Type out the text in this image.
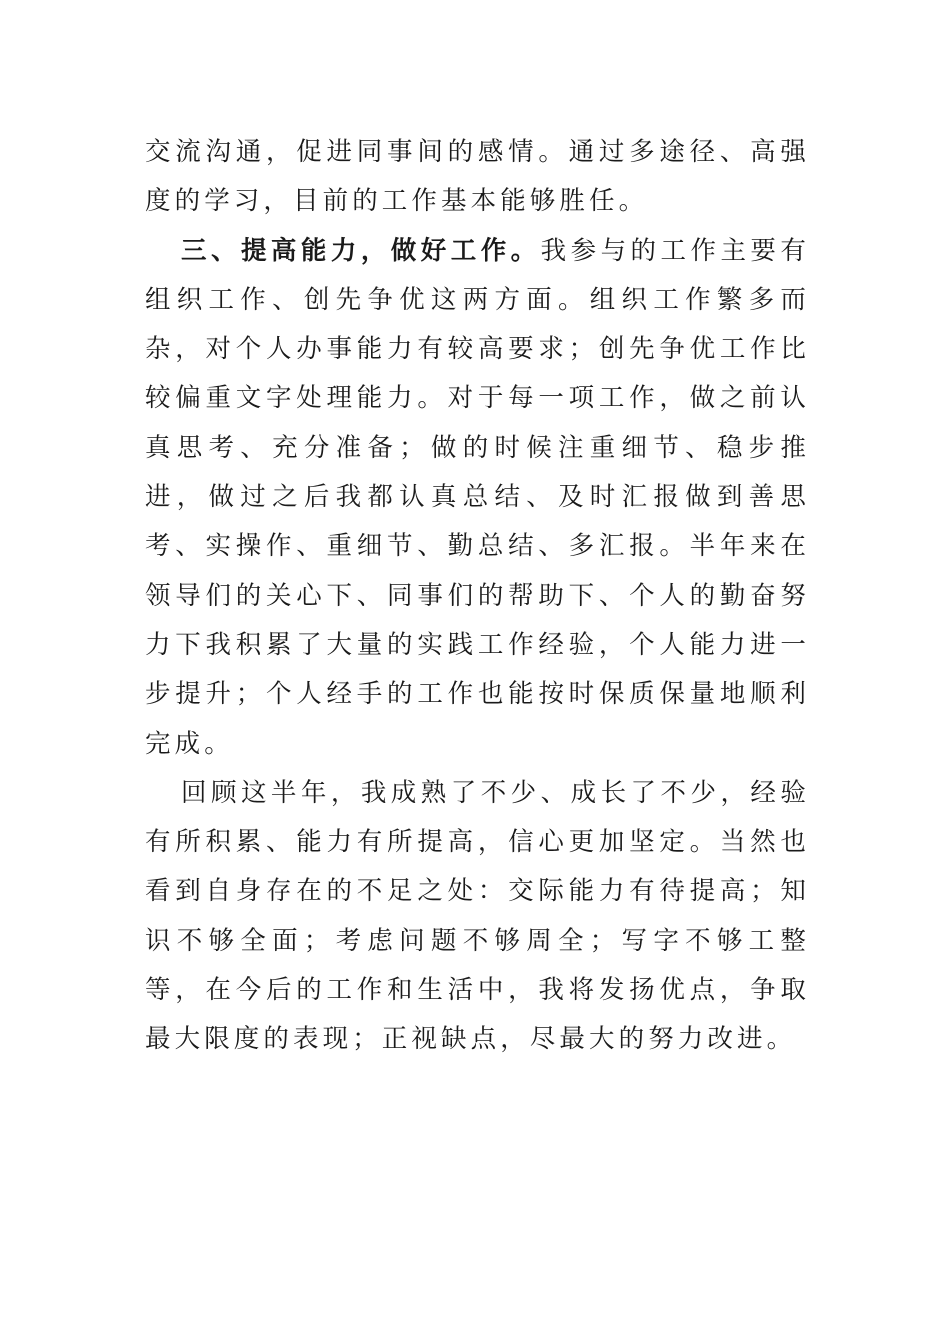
交流沟通，促进同事间的感情。通过多途径、高强度的学习，目前的工作基本能够胜任。

三、提高能力，做好工作。我参与的工作主要有组织工作、创先争优这两方面。组织工作繁多而杂，对个人办事能力有较高要求；创先争优工作比较偏重文字处理能力。对于每一项工作，做之前认真思考、充分准备；做的时候注重细节、稳步推进，做过之后我都认真总结、及时汇报做到善思考、实操作、重细节、勤总结、多汇报。半年来在领导们的关心下、同事们的帮助下、个人的勤奋努力下我积累了大量的实践工作经验，个人能力进一步提升；个人经手的工作也能按时保质保量地顺利完成。

回顾这半年，我成熟了不少、成长了不少，经验有所积累、能力有所提高，信心更加坚定。当然也看到自身存在的不足之处：交际能力有待提高；知识不够全面；考虑问题不够周全；写字不够工整等，在今后的工作和生活中，我将发扬优点，争取最大限度的表现；正视缺点，尽最大的努力改进。
